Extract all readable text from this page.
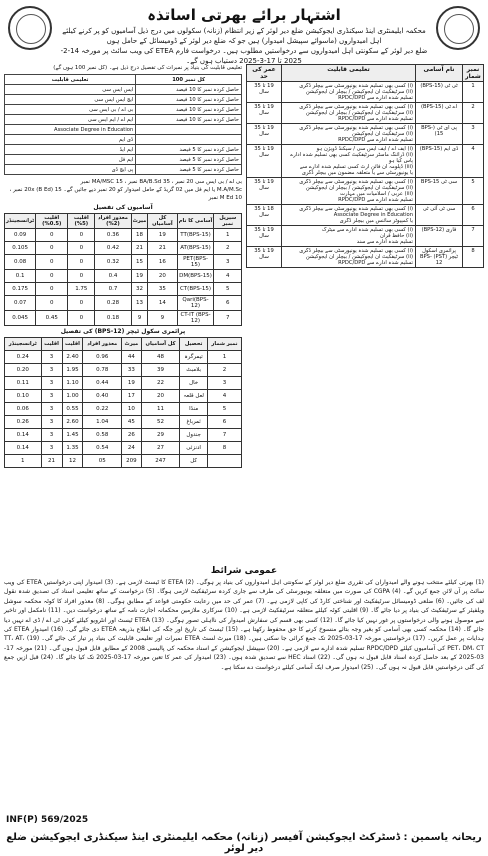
اشتہار برائے بھرتی اساتذہ
محکمہ ایلیمنٹری اینڈ سیکنڈری ایجوکیشن ضلع دیر لوئر کے زیر انتظام (زنانہ) سکولوں میں درج ذیل آسامیوں کو پر کرنے کیلئے اہل امیدواروں (ماسوائے سپیشل امیدوار) ہیں جو کہ ضلع دیر لوئر کے ڈومیسائل کے حامل ہوں
ضلع دیر لوئر کے سکونتی اہل امیدواروں سے درخواستیں مطلوب ہیں۔ درخواست فارم ETEA کی ویب سائٹ پر مورخہ 14-2-2025 تا 17-3-2025 دستیاب ہوں گے۔
نمبر شمار	نام آسامی	تعلیمی قابلیت	عمر کی حد
1	ٹی ٹی (BPS-15)	(i) کسی بھی تسلیم شدہ یونیورسٹی سے بیچلر ڈگری
(ii) سرٹیفکیٹ ان ایجوکیشن / بیچلر ان ایجوکیشن
تسلیم شدہ ادارے سے RPDC/DPD	19 تا 35 سال
2	اے ٹی (BPS-15)	(i) کسی بھی تسلیم شدہ یونیورسٹی سے بیچلر ڈگری
(ii) سرٹیفکیٹ ان ایجوکیشن / بیچلر ان ایجوکیشن
تسلیم شدہ ادارے سے RPDC/DPD	19 تا 35 سال
3	پی ای ٹی (BPS-15)	(i) کسی بھی تسلیم شدہ یونیورسٹی سے بیچلر ڈگری
(ii) سرٹیفکیٹ ان ایجوکیشن
تسلیم شدہ ادارے سے RPDC/DPD	19 تا 35 سال
4	ڈی ایم (BPS-15)	(i) ایف اے / ایف ایس سی / سیکنڈ ڈویژن ہو
(ii) ڈرائنگ ماسٹر سرٹیفکیٹ کسی بھی تسلیم شدہ ادارے
پاس کیا ہو
(iii) ڈپلومہ ان فائن آرٹ کسی تسلیم شدہ ادارے سے
یا یونیورسٹی سے یا متعلقہ مضمون میں بیچلر ڈگری	19 تا 35 سال
5	سی ٹی BPS-15	(i) کسی بھی تسلیم شدہ یونیورسٹی سے بیچلر ڈگری
(ii) سرٹیفکیٹ ان ایجوکیشن / بیچلر ان ایجوکیشن
(iii) عربی / اسلامیات میں مہارت
تسلیم شدہ ادارے سے RPDC/DPD	19 تا 35 سال
6	سی ٹی آئی ٹی	(i) کسی بھی تسلیم شدہ یونیورسٹی سے بیچلر ڈگری
Associate Degree in Education
یا کمپیوٹر سائنس میں بیچلر ڈگری	18 تا 35 سال
7	قاری (BPS-12)	(i) کسی بھی تسلیم شدہ ادارے سے میٹرک
(ii) حافظ قرآن
تسلیم شدہ ادارے سے سند	19 تا 35 سال
8	پرائمری اسکول ٹیچر (PST) BPS-12	(i) کسی بھی تسلیم شدہ یونیورسٹی سے بیچلر ڈگری
(ii) سرٹیفکیٹ ان ایجوکیشن / بیچلر ان ایجوکیشن
تسلیم شدہ ادارے سے RPDC/DPD	19 تا 35 سال
تعلیمی قابلیت کی بنیاد پر نمبرات کی تفصیل درج ذیل ہے۔ (کل نمبر 100 ہوں گے)
کل نمبر 100	تعلیمی قابلیت
حاصل کردہ نمبر کا 10 فیصد	ایس ایس سی
حاصل کردہ نمبر کا 10 فیصد	ایچ ایس ایس سی
حاصل کردہ نمبر کا 10 فیصد	بی اے / بی ایس سی
حاصل کردہ نمبر کا 10 فیصد	ایم اے / ایم ایس سی
	Associate Degree in Education
	ڈی ایم
حاصل کردہ نمبر کا 5 فیصد	ایم ایڈ
حاصل کردہ نمبر کا 5 فیصد	ایم فل
حاصل کردہ نمبر کا 5 فیصد	پی ایچ ڈی
بی اے / بی ایس سی 20 نمبر ، BA/B.Sd 35 نمبر ، MA/MSC 15 نمبر
M.A/M.Sc یا ایم فل میں 02 گریڈ کے حامل امیدوار کو 20 نمبر دیے جائیں گے۔ 20x (B Ed) 15 نمبر ، M Ed 10 نمبر
آسامیوں کی تفصیل
سیریل نمبر	آسامی کا نام	کل آسامیاں	میرٹ	معذور افراد (2%)	اقلیت (5%)	اقلیت (0.5%)	ٹرانسجینڈر
1	TT(BPS-15)	19	18	0.36	0	0	0.09
2	AT(BPS-15)	21	21	0.42	0	0	0.105
3	PET(BPS-15)	16	15	0.32	0	0	0.08
4	DM(BPS-15)	20	19	0.4	0	0	0.1
5	CT(BPS-15)	35	32	0.7	1.75	0	0.175
6	Qari(BPS-12)	14	13	0.28	0	0	0.07
7	CT-IT (BPS-12)	9	9	0.18	0	0.45	0.045
پرائمری سکول ٹیچر (BPS-12) کی تفصیل
نمبر شمار	تحصیل	کل آسامیاں	میرٹ	معذور افراد	اقلیت	اقلیت	ٹرانسجینڈر
1	تیمرگرہ	48	44	0.96	2.40	3	0.24
2	بلامبٹ	39	33	0.78	1.95	3	0.20
3	خال	22	19	0.44	1.10	3	0.11
4	لعل قلعہ	20	17	0.40	1.00	3	0.10
5	منڈا	11	10	0.22	0.55	3	0.06
6	ثمرباغ	52	45	1.04	2.60	3	0.26
7	جندول	29	26	0.58	1.45	3	0.14
8	ادنزئی	27	24	0.54	1.35	3	0.14
	کل	247	209	05	12	21	1
عمومی شرائط
(1) بھرتی کیلئے منتخب ہونے والے امیدواران کی تقرری ضلع دیر لوئر کے سکونتی اہل امیدواروں کی بنیاد پر ہوگی۔ (2) ETEA کا ٹیسٹ لازمی ہے۔ (3) امیدوار اپنی درخواستیں ETEA کی ویب سائٹ پر آن لائن جمع کریں گے۔ (4) CGPA کی صورت میں متعلقہ یونیورسٹی کی طرف سے جاری کردہ سرٹیفکیٹ لازمی ہوگا۔ (5) درخواست کے ساتھ تعلیمی اسناد کی تصدیق شدہ نقول لف کی جائیں۔ (6) ضلعی ڈومیسائل سرٹیفکیٹ اور شناختی کارڈ کی کاپی لازمی ہے۔ (7) عمر کی حد میں رعایت حکومتی قواعد کے مطابق ہوگی۔ (8) معذور افراد کا کوٹہ محکمہ سوشل ویلفیئر کے سرٹیفکیٹ کی بنیاد پر دیا جائے گا۔ (9) اقلیتی کوٹہ کیلئے متعلقہ سرٹیفکیٹ لازمی ہے۔ (10) سرکاری ملازمین محکمانہ اجازت نامہ کے ساتھ درخواست دیں۔ (11) نامکمل اور تاخیر سے موصول ہونے والی درخواستوں پر غور نہیں کیا جائے گا۔ (12) کسی بھی قسم کی سفارش امیدوار کی نااہلی تصور ہوگی۔ (13) ETEA ٹیسٹ اور انٹرویو کیلئے کوئی ٹی اے / ڈی اے نہیں دیا جائے گا۔ (14) محکمہ کسی بھی آسامی کو بغیر وجہ بتائے منسوخ کرنے کا حق محفوظ رکھتا ہے۔ (15) ٹیسٹ کی تاریخ اور جگہ کی اطلاع بذریعہ ETEA دی جائے گی۔ (16) امیدوار ETEA کی ہدایات پر عمل کریں۔ (17) درخواستیں مورخہ 17-03-2025 تک جمع کرائی جا سکتی ہیں۔ (18) میرٹ لسٹ ETEA نمبرات اور تعلیمی قابلیت کی بنیاد پر تیار کی جائے گی۔ (19) TT، AT، PET، DM، CT کی آسامیوں کیلئے RPDC/DPD تسلیم شدہ ادارے سے لازمی ہے۔ (20) سپیشل ایجوکیشن کے اسناد محکمہ کی پالیسی 2008 کے مطابق قابل قبول ہوں گی۔ (21) مورخہ 17-03-2025 کے بعد حاصل کردہ اسناد قابل قبول نہ ہوں گی۔ (22) اسناد HEC سے تصدیق شدہ ہوں۔ (23) امیدوار کی عمر کا تعین مورخہ 17-03-2025 تک کیا جائے گا۔ (24) قبل ازیں جمع کی گئی درخواستیں قابل قبول نہ ہوں گی۔ (25) امیدوار صرف ایک آسامی کیلئے درخواست دے سکتا ہے۔
INF(P) 569/2025
ریحانہ یاسمین : ڈسٹرکٹ ایجوکیشن آفیسر (زنانہ) محکمہ ایلیمنٹری اینڈ سیکنڈری ایجوکیشن ضلع دیر لوئر
